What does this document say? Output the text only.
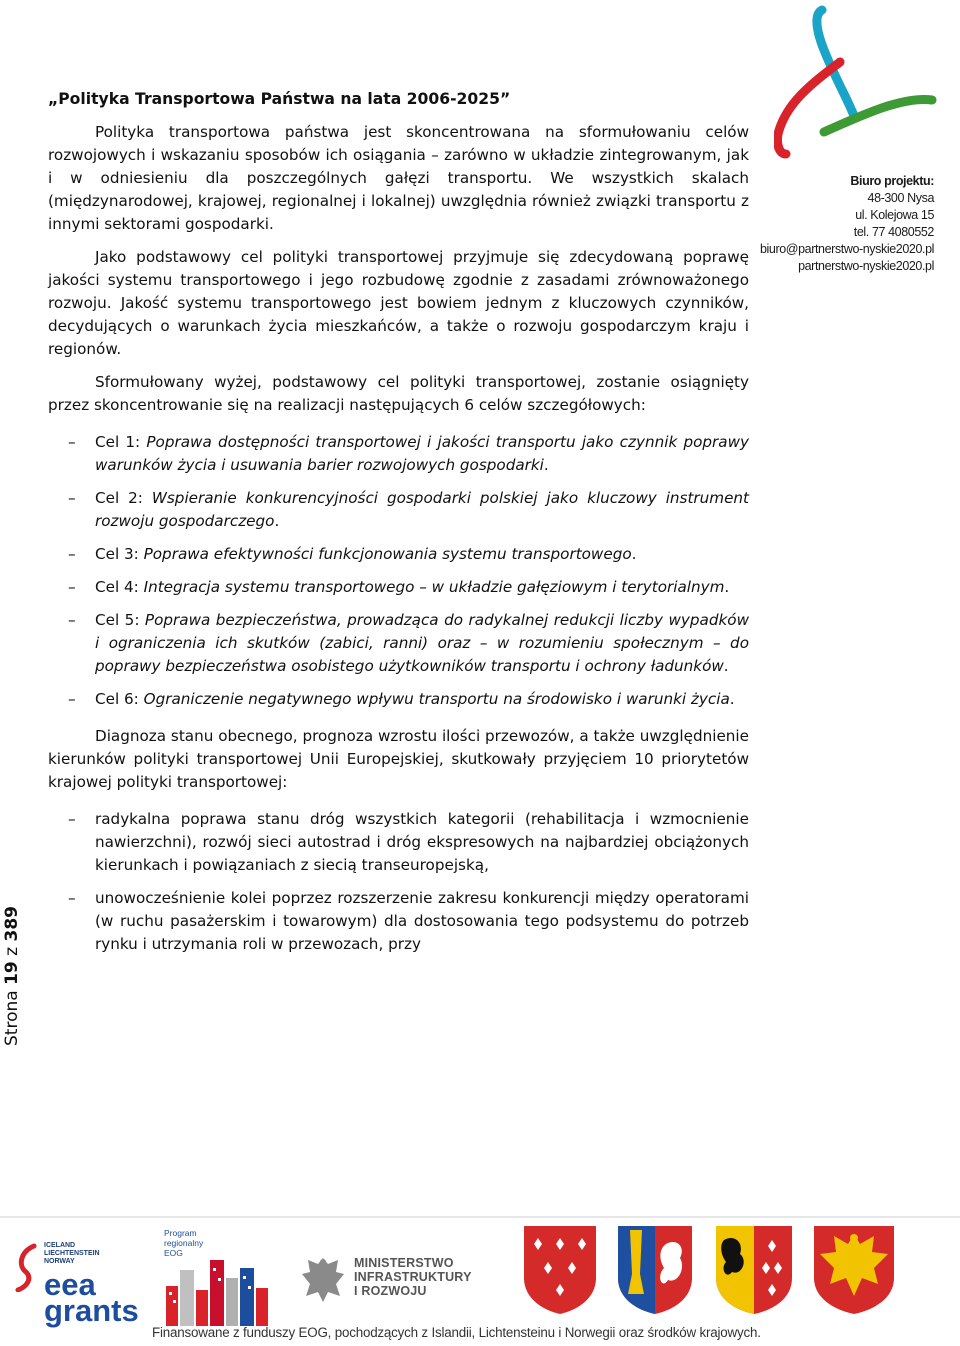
Biuro projektu:
48-300 Nysa
ul. Kolejowa 15
tel. 77 4080552
biuro@partnerstwo-nyskie2020.pl
partnerstwo-nyskie2020.pl

„Polityka Transportowa Państwa na lata 2006-2025”

Polityka transportowa państwa jest skoncentrowana na sformułowaniu celów rozwojowych i wskazaniu sposobów ich osiągania – zarówno w układzie zintegrowanym, jak i w odniesieniu dla poszczególnych gałęzi transportu. We wszystkich skalach (międzynarodowej, krajowej, regionalnej i lokalnej) uwzględnia również związki transportu z innymi sektorami gospodarki.

Jako podstawowy cel polityki transportowej przyjmuje się zdecydowaną poprawę jakości systemu transportowego i jego rozbudowę zgodnie z zasadami zrównoważonego rozwoju. Jakość systemu transportowego jest bowiem jednym z kluczowych czynników, decydujących o warunkach życia mieszkańców, a także o rozwoju gospodarczym kraju i regionów.

Sformułowany wyżej, podstawowy cel polityki transportowej, zostanie osiągnięty przez skoncentrowanie się na realizacji następujących 6 celów szczegółowych:

– Cel 1: Poprawa dostępności transportowej i jakości transportu jako czynnik poprawy warunków życia i usuwania barier rozwojowych gospodarki.
– Cel 2: Wspieranie konkurencyjności gospodarki polskiej jako kluczowy instrument rozwoju gospodarczego.
– Cel 3: Poprawa efektywności funkcjonowania systemu transportowego.
– Cel 4: Integracja systemu transportowego – w układzie gałęziowym i terytorialnym.
– Cel 5: Poprawa bezpieczeństwa, prowadząca do radykalnej redukcji liczby wypadków i ograniczenia ich skutków (zabici, ranni) oraz – w rozumieniu społecznym – do poprawy bezpieczeństwa osobistego użytkowników transportu i ochrony ładunków.
– Cel 6: Ograniczenie negatywnego wpływu transportu na środowisko i warunki życia.

Diagnoza stanu obecnego, prognoza wzrostu ilości przewozów, a także uwzględnienie kierunków polityki transportowej Unii Europejskiej, skutkowały przyjęciem 10 priorytetów krajowej polityki transportowej:

– radykalna poprawa stanu dróg wszystkich kategorii (rehabilitacja i wzmocnienie nawierzchni), rozwój sieci autostrad i dróg ekspresowych na najbardziej obciążonych kierunkach i powiązaniach z siecią transeuropejską,
– unowocześnienie kolei poprzez rozszerzenie zakresu konkurencji między operatorami (w ruchu pasażerskim i towarowym) dla dostosowania tego podsystemu do potrzeb rynku i utrzymania roli w przewozach, przy
Strona 19 z 389
ICELAND
LIECHTENSTEIN
NORWAY
eea
grants
Program
regionalny
EOG
MINISTERSTWO
INFRASTRUKTURY
I ROZWOJU
Finansowane z funduszy EOG, pochodzących z Islandii, Lichtensteinu i Norwegii oraz środków krajowych.
